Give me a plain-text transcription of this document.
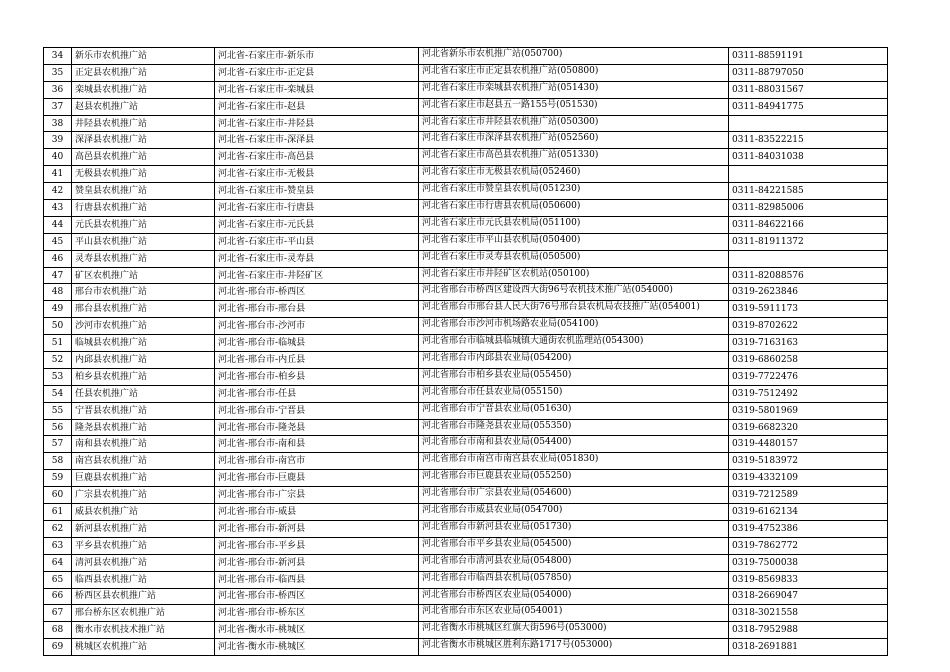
34	新乐市农机推广站	河北省-石家庄市-新乐市	河北省新乐市农机推广站(050700)	0311-88591191
35	正定县农机推广站	河北省-石家庄市-正定县	河北省石家庄市正定县农机推广站(050800)	0311-88797050
36	栾城县农机推广站	河北省-石家庄市-栾城县	河北省石家庄市栾城县农机推广站(051430)	0311-88031567
37	赵县农机推广站	河北省-石家庄市-赵县	河北省石家庄市赵县五一路155号(051530)	0311-84941775
38	井陉县农机推广站	河北省-石家庄市-井陉县	河北省石家庄市井陉县农机推广站(050300)	
39	深泽县农机推广站	河北省-石家庄市-深泽县	河北省石家庄市深泽县农机推广站(052560)	0311-83522215
40	高邑县农机推广站	河北省-石家庄市-高邑县	河北省石家庄市高邑县农机推广站(051330)	0311-84031038
41	无极县农机推广站	河北省-石家庄市-无极县	河北省石家庄市无极县农机局(052460)	
42	赞皇县农机推广站	河北省-石家庄市-赞皇县	河北省石家庄市赞皇县农机局(051230)	0311-84221585
43	行唐县农机推广站	河北省-石家庄市-行唐县	河北省石家庄市行唐县农机局(050600)	0311-82985006
44	元氏县农机推广站	河北省-石家庄市-元氏县	河北省石家庄市元氏县农机局(051100)	0311-84622166
45	平山县农机推广站	河北省-石家庄市-平山县	河北省石家庄市平山县农机局(050400)	0311-81911372
46	灵寿县农机推广站	河北省-石家庄市-灵寿县	河北省石家庄市灵寿县农机局(050500)	
47	矿区农机推广站	河北省-石家庄市-井陉矿区	河北省石家庄市井陉矿区农机站(050100)	0311-82088576
48	邢台市农机推广站	河北省-邢台市-桥西区	河北省邢台市桥西区建设西大街96号农机技术推广站(054000)	0319-2623846
49	邢台县农机推广站	河北省-邢台市-邢台县	河北省邢台市邢台县人民大街76号邢台县农机局农技推广站(054001)	0319-5911173
50	沙河市农机推广站	河北省-邢台市-沙河市	河北省邢台市沙河市机场路农业局(054100)	0319-8702622
51	临城县农机推广站	河北省-邢台市-临城县	河北省邢台市临城县临城镇大通街农机监理站(054300)	0319-7163163
52	内邱县农机推广站	河北省-邢台市-内丘县	河北省邢台市内邱县农业局(054200)	0319-6860258
53	柏乡县农机推广站	河北省-邢台市-柏乡县	河北省邢台市柏乡县农业局(055450)	0319-7722476
54	任县农机推广站	河北省-邢台市-任县	河北省邢台市任县农业局(055150)	0319-7512492
55	宁晋县农机推广站	河北省-邢台市-宁晋县	河北省邢台市宁晋县农业局(051630)	0319-5801969
56	隆尧县农机推广站	河北省-邢台市-隆尧县	河北省邢台市隆尧县农业局(055350)	0319-6682320
57	南和县农机推广站	河北省-邢台市-南和县	河北省邢台市南和县农业局(054400)	0319-4480157
58	南宫县农机推广站	河北省-邢台市-南宫市	河北省邢台市南宫市南宫县农业局(051830)	0319-5183972
59	巨鹿县农机推广站	河北省-邢台市-巨鹿县	河北省邢台市巨鹿县农业局(055250)	0319-4332109
60	广宗县农机推广站	河北省-邢台市-广宗县	河北省邢台市广宗县农业局(054600)	0319-7212589
61	威县农机推广站	河北省-邢台市-威县	河北省邢台市威县农业局(054700)	0319-6162134
62	新河县农机推广站	河北省-邢台市-新河县	河北省邢台市新河县农业局(051730)	0319-4752386
63	平乡县农机推广站	河北省-邢台市-平乡县	河北省邢台市平乡县农业局(054500)	0319-7862772
64	清河县农机推广站	河北省-邢台市-新河县	河北省邢台市清河县农业局(054800)	0319-7500038
65	临西县农机推广站	河北省-邢台市-临西县	河北省邢台市临西县农机局(057850)	0319-8569833
66	桥西区县农机推广站	河北省-邢台市-桥西区	河北省邢台市桥西区农业局(054000)	0318-2669047
67	邢台桥东区农机推广站	河北省-邢台市-桥东区	河北省邢台市东区农业局(054001)	0318-3021558
68	衡水市农机技术推广站	河北省-衡水市-桃城区	河北省衡水市桃城区红旗大街596号(053000)	0318-7952988
69	桃城区农机推广站	河北省-衡水市-桃城区	河北省衡水市桃城区胜利东路1717号(053000)	0318-2691881
